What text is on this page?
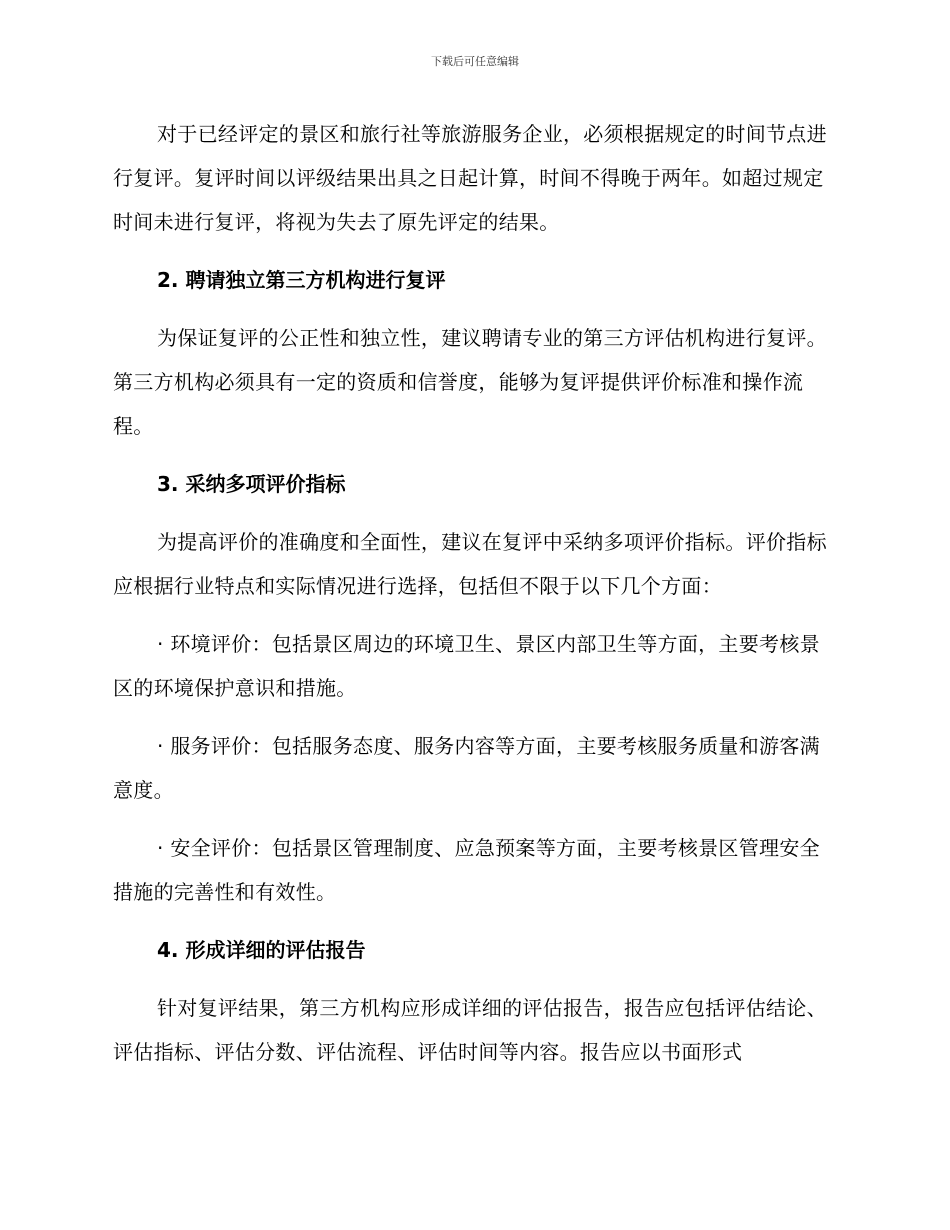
下载后可任意编辑

对于已经评定的景区和旅行社等旅游服务企业，必须根据规定的时间节点进行复评。复评时间以评级结果出具之日起计算，时间不得晚于两年。如超过规定时间未进行复评，将视为失去了原先评定的结果。

2. 聘请独立第三方机构进行复评

为保证复评的公正性和独立性，建议聘请专业的第三方评估机构进行复评。第三方机构必须具有一定的资质和信誉度，能够为复评提供评价标准和操作流程。

3. 采纳多项评价指标

为提高评价的准确度和全面性，建议在复评中采纳多项评价指标。评价指标应根据行业特点和实际情况进行选择，包括但不限于以下几个方面：

· 环境评价：包括景区周边的环境卫生、景区内部卫生等方面，主要考核景区的环境保护意识和措施。

· 服务评价：包括服务态度、服务内容等方面，主要考核服务质量和游客满意度。

· 安全评价：包括景区管理制度、应急预案等方面，主要考核景区管理安全措施的完善性和有效性。

4. 形成详细的评估报告

针对复评结果，第三方机构应形成详细的评估报告，报告应包括评估结论、评估指标、评估分数、评估流程、评估时间等内容。报告应以书面形式
